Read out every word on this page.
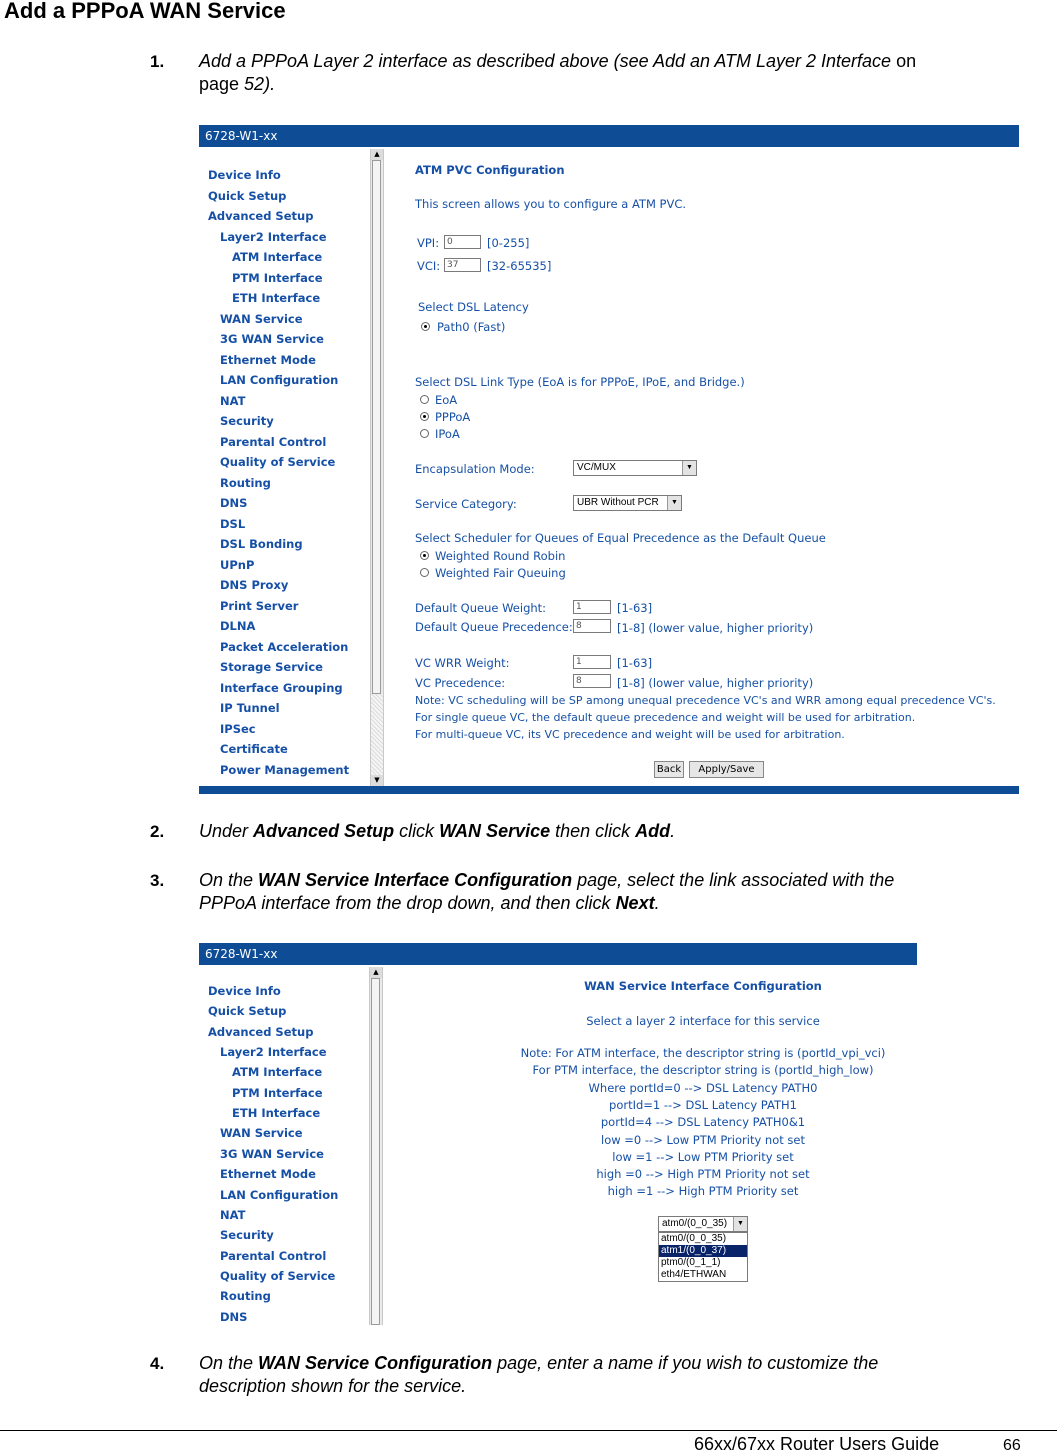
Add a PPPoA WAN Service
1. Add a PPPoA Layer 2 interface as described above (see Add an ATM Layer 2 Interface on
page 52).
6728-W1-xx
Device Info
Quick Setup
Advanced Setup
Layer2 Interface
ATM Interface
PTM Interface
ETH Interface
WAN Service
3G WAN Service
Ethernet Mode
LAN Configuration
NAT
Security
Parental Control
Quality of Service
Routing
DNS
DSL
DSL Bonding
UPnP
DNS Proxy
Print Server
DLNA
Packet Acceleration
Storage Service
Interface Grouping
IP Tunnel
IPSec
Certificate
Power Management
▲
▼
ATM PVC Configuration
This screen allows you to configure a ATM PVC.
VPI: 0	[0-255]
VCI: 37	[32-65535]
Select DSL Latency
Path0 (Fast)
Select DSL Link Type (EoA is for PPPoE, IPoE, and Bridge.)
EoA
PPPoA
IPoA
Encapsulation Mode:	VC/MUX	▼
Service Category:	UBR Without PCR	▼
Select Scheduler for Queues of Equal Precedence as the Default Queue
Weighted Round Robin
Weighted Fair Queuing
Default Queue Weight:	1	[1-63]
Default Queue Precedence: 8	[1-8] (lower value, higher priority)
VC WRR Weight:	1	[1-63]
VC Precedence:	8	[1-8] (lower value, higher priority)
Note: VC scheduling will be SP among unequal precedence VC's and WRR among equal precedence VC's.
For single queue VC, the default queue precedence and weight will be used for arbitration.
For multi-queue VC, its VC precedence and weight will be used for arbitration.
Back	Apply/Save
2. Under Advanced Setup click WAN Service then click Add.
3. On the WAN Service Interface Configuration page, select the link associated with the
PPPoA interface from the drop down, and then click Next.
6728-W1-xx
Device Info
Quick Setup
Advanced Setup
Layer2 Interface
ATM Interface
PTM Interface
ETH Interface
WAN Service
3G WAN Service
Ethernet Mode
LAN Configuration
NAT
Security
Parental Control
Quality of Service
Routing
DNS
▲
WAN Service Interface Configuration
Select a layer 2 interface for this service
Note: For ATM interface, the descriptor string is (portId_vpi_vci)
For PTM interface, the descriptor string is (portId_high_low)
Where portId=0 --> DSL Latency PATH0
portId=1 --> DSL Latency PATH1
portId=4 --> DSL Latency PATH0&1
low =0 --> Low PTM Priority not set
low =1 --> Low PTM Priority set
high =0 --> High PTM Priority not set
high =1 --> High PTM Priority set
atm0/(0_0_35)	▼
atm0/(0_0_35)
atm1/(0_0_37)
ptm0/(0_1_1)
eth4/ETHWAN
4. On the WAN Service Configuration page, enter a name if you wish to customize the
description shown for the service.
66xx/67xx Router Users Guide	66
